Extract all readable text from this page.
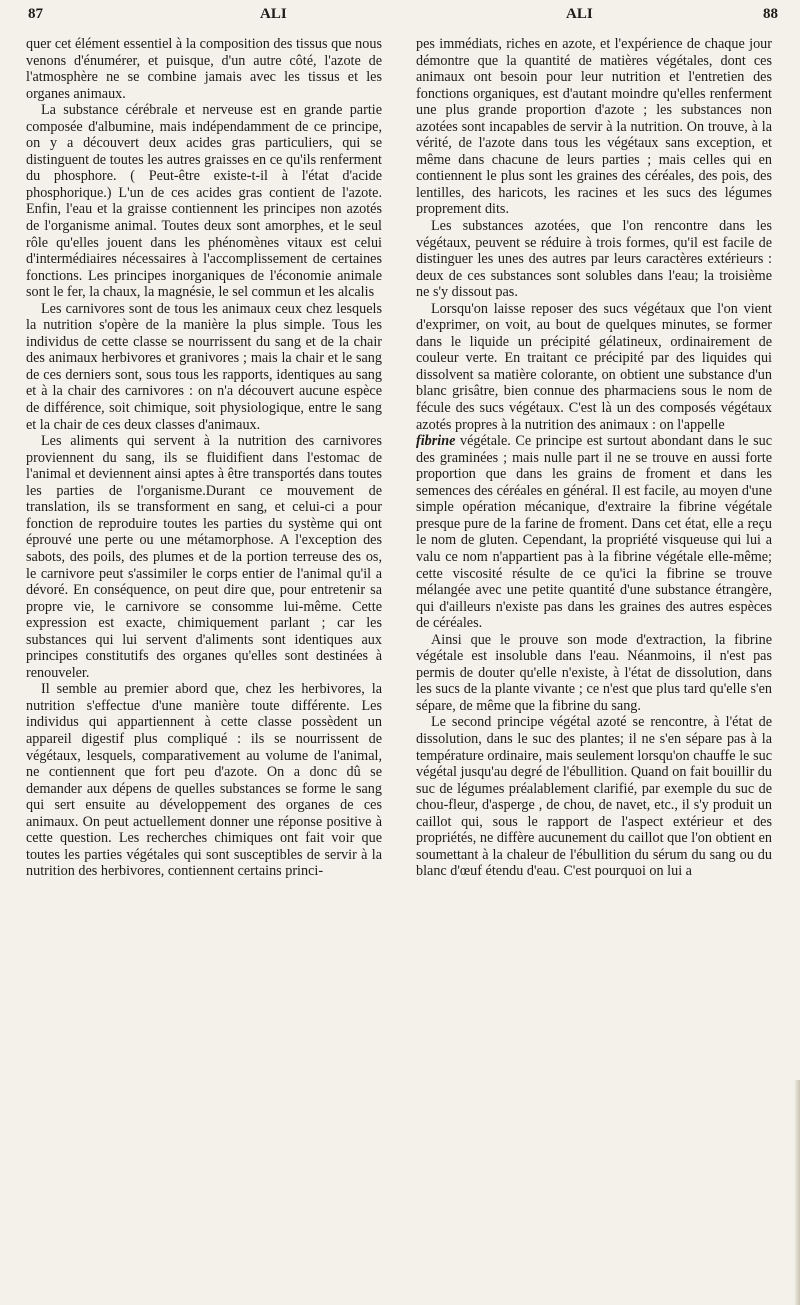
87	ALI	ALI	88

quer cet élément essentiel à la composition des tissus que nous venons d'énumérer, et puisque, d'un autre côté, l'azote de l'atmosphère ne se combine jamais avec les tissus et les organes animaux.

La substance cérébrale et nerveuse est en grande partie composée d'albumine, mais indépendamment de ce principe, on y a découvert deux acides gras particuliers, qui se distinguent de toutes les autres graisses en ce qu'ils renferment du phosphore. ( Peut-être existe-t-il à l'état d'acide phosphorique.) L'un de ces acides gras contient de l'azote. Enfin, l'eau et la graisse contiennent les principes non azotés de l'organisme animal. Toutes deux sont amorphes, et le seul rôle qu'elles jouent dans les phénomènes vitaux est celui d'intermédiaires nécessaires à l'accomplissement de certaines fonctions. Les principes inorganiques de l'économie animale sont le fer, la chaux, la magnésie, le sel commun et les alcalis

Les carnivores sont de tous les animaux ceux chez lesquels la nutrition s'opère de la manière la plus simple. Tous les individus de cette classe se nourrissent du sang et de la chair des animaux herbivores et granivores ; mais la chair et le sang de ces derniers sont, sous tous les rapports, identiques au sang et à la chair des carnivores : on n'a découvert aucune espèce de différence, soit chimique, soit physiologique, entre le sang et la chair de ces deux classes d'animaux.

Les aliments qui servent à la nutrition des carnivores proviennent du sang, ils se fluidifient dans l'estomac de l'animal et deviennent ainsi aptes à être transportés dans toutes les parties de l'organisme.Durant ce mouvement de translation, ils se transforment en sang, et celui-ci a pour fonction de reproduire toutes les parties du système qui ont éprouvé une perte ou une métamorphose. A l'exception des sabots, des poils, des plumes et de la portion terreuse des os, le carnivore peut s'assimiler le corps entier de l'animal qu'il a dévoré. En conséquence, on peut dire que, pour entretenir sa propre vie, le carnivore se consomme lui-même. Cette expression est exacte, chimiquement parlant ; car les substances qui lui servent d'aliments sont identiques aux principes constitutifs des organes qu'elles sont destinées à renouveler.

Il semble au premier abord que, chez les herbivores, la nutrition s'effectue d'une manière toute différente. Les individus qui appartiennent à cette classe possèdent un appareil digestif plus compliqué : ils se nourrissent de végétaux, lesquels, comparativement au volume de l'animal, ne contiennent que fort peu d'azote. On a donc dû se demander aux dépens de quelles substances se forme le sang qui sert ensuite au développement des organes de ces animaux. On peut actuellement donner une réponse positive à cette question. Les recherches chimiques ont fait voir que toutes les parties végétales qui sont susceptibles de servir à la nutrition des herbivores, contiennent certains princi-

pes immédiats, riches en azote, et l'expérience de chaque jour démontre que la quantité de matières végétales, dont ces animaux ont besoin pour leur nutrition et l'entretien des fonctions organiques, est d'autant moindre qu'elles renferment une plus grande proportion d'azote ; les substances non azotées sont incapables de servir à la nutrition. On trouve, à la vérité, de l'azote dans tous les végétaux sans exception, et même dans chacune de leurs parties ; mais celles qui en contiennent le plus sont les graines des céréales, des pois, des lentilles, des haricots, les racines et les sucs des légumes proprement dits.

Les substances azotées, que l'on rencontre dans les végétaux, peuvent se réduire à trois formes, qu'il est facile de distinguer les unes des autres par leurs caractères extérieurs : deux de ces substances sont solubles dans l'eau; la troisième ne s'y dissout pas.

Lorsqu'on laisse reposer des sucs végétaux que l'on vient d'exprimer, on voit, au bout de quelques minutes, se former dans le liquide un précipité gélatineux, ordinairement de couleur verte. En traitant ce précipité par des liquides qui dissolvent sa matière colorante, on obtient une substance d'un blanc grisâtre, bien connue des pharmaciens sous le nom de fécule des sucs végétaux. C'est là un des composés végétaux azotés propres à la nutrition des animaux : on l'appelle

fibrine végétale. Ce principe est surtout abondant dans le suc des graminées ; mais nulle part il ne se trouve en aussi forte proportion que dans les grains de froment et dans les semences des céréales en général. Il est facile, au moyen d'une simple opération mécanique, d'extraire la fibrine végétale presque pure de la farine de froment. Dans cet état, elle a reçu le nom de gluten. Cependant, la propriété visqueuse qui lui a valu ce nom n'appartient pas à la fibrine végétale elle-même; cette viscosité résulte de ce qu'ici la fibrine se trouve mélangée avec une petite quantité d'une substance étrangère, qui d'ailleurs n'existe pas dans les graines des autres espèces de céréales.

Ainsi que le prouve son mode d'extraction, la fibrine végétale est insoluble dans l'eau. Néanmoins, il n'est pas permis de douter qu'elle n'existe, à l'état de dissolution, dans les sucs de la plante vivante ; ce n'est que plus tard qu'elle s'en sépare, de même que la fibrine du sang.

Le second principe végétal azoté se rencontre, à l'état de dissolution, dans le suc des plantes; il ne s'en sépare pas à la température ordinaire, mais seulement lorsqu'on chauffe le suc végétal jusqu'au degré de l'ébullition. Quand on fait bouillir du suc de légumes préalablement clarifié, par exemple du suc de chou-fleur, d'asperge , de chou, de navet, etc., il s'y produit un caillot qui, sous le rapport de l'aspect extérieur et des propriétés, ne diffère aucunement du caillot que l'on obtient en soumettant à la chaleur de l'ébullition du sérum du sang ou du blanc d'œuf étendu d'eau. C'est pourquoi on lui a
